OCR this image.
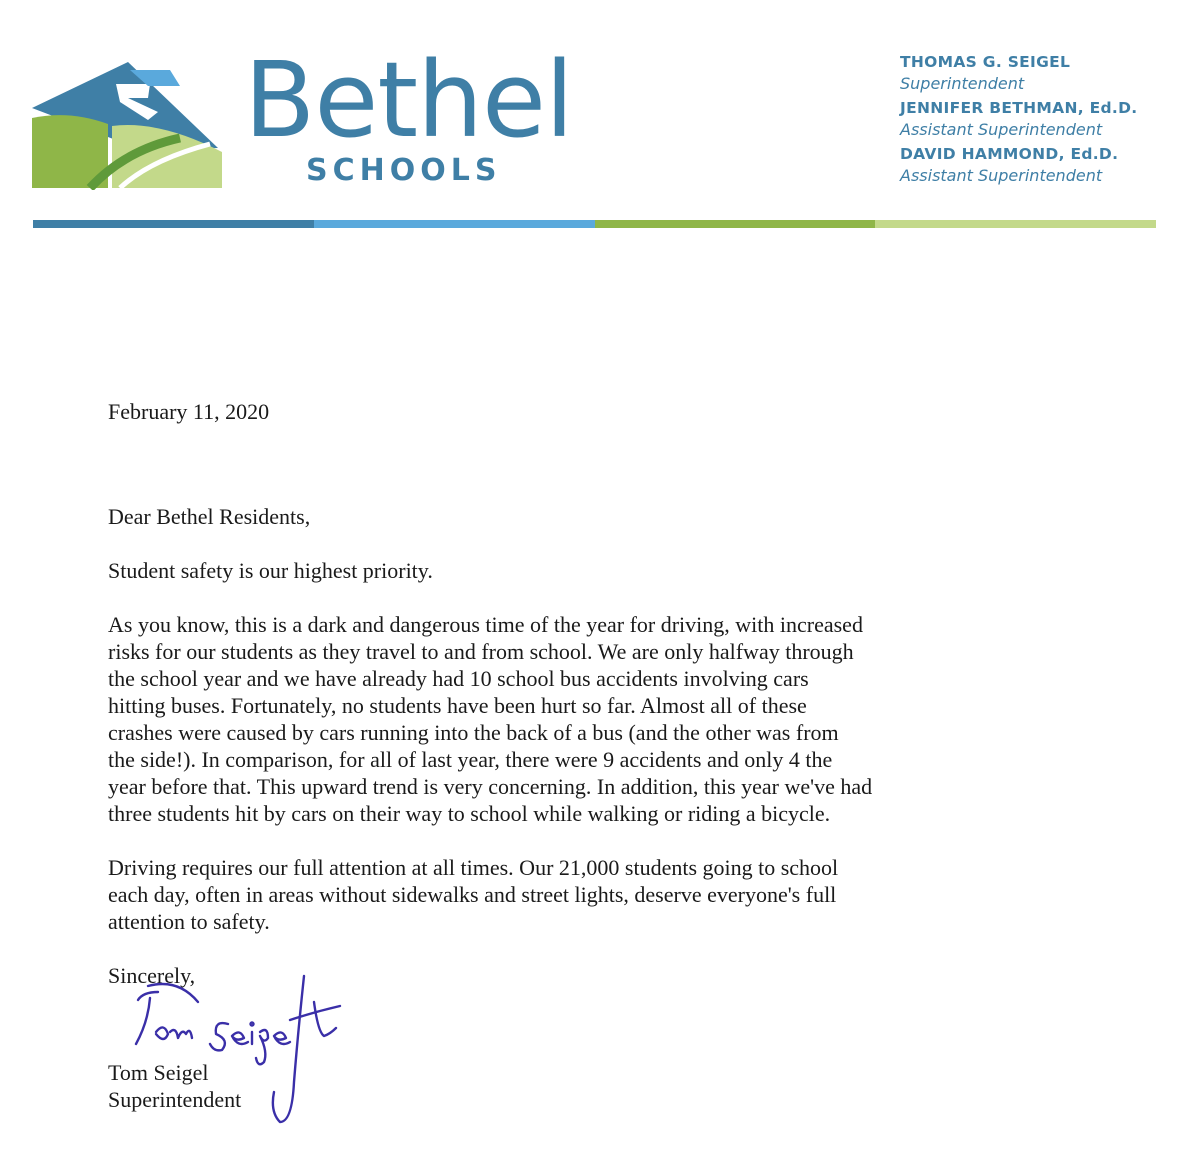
Bethel
SCHOOLS
THOMAS G. SEIGEL
Superintendent
JENNIFER BETHMAN, Ed.D.
Assistant Superintendent
DAVID HAMMOND, Ed.D.
Assistant Superintendent

February 11, 2020

Dear Bethel Residents,

Student safety is our highest priority.

As you know, this is a dark and dangerous time of the year for driving, with increased
risks for our students as they travel to and from school. We are only halfway through
the school year and we have already had 10 school bus accidents involving cars
hitting buses. Fortunately, no students have been hurt so far. Almost all of these
crashes were caused by cars running into the back of a bus (and the other was from
the side!). In comparison, for all of last year, there were 9 accidents and only 4 the
year before that. This upward trend is very concerning. In addition, this year we've had
three students hit by cars on their way to school while walking or riding a bicycle.
Driving requires our full attention at all times. Our 21,000 students going to school
each day, often in areas without sidewalks and street lights, deserve everyone's full
attention to safety.

Sincerely,

Tom Seigel

Superintendent
